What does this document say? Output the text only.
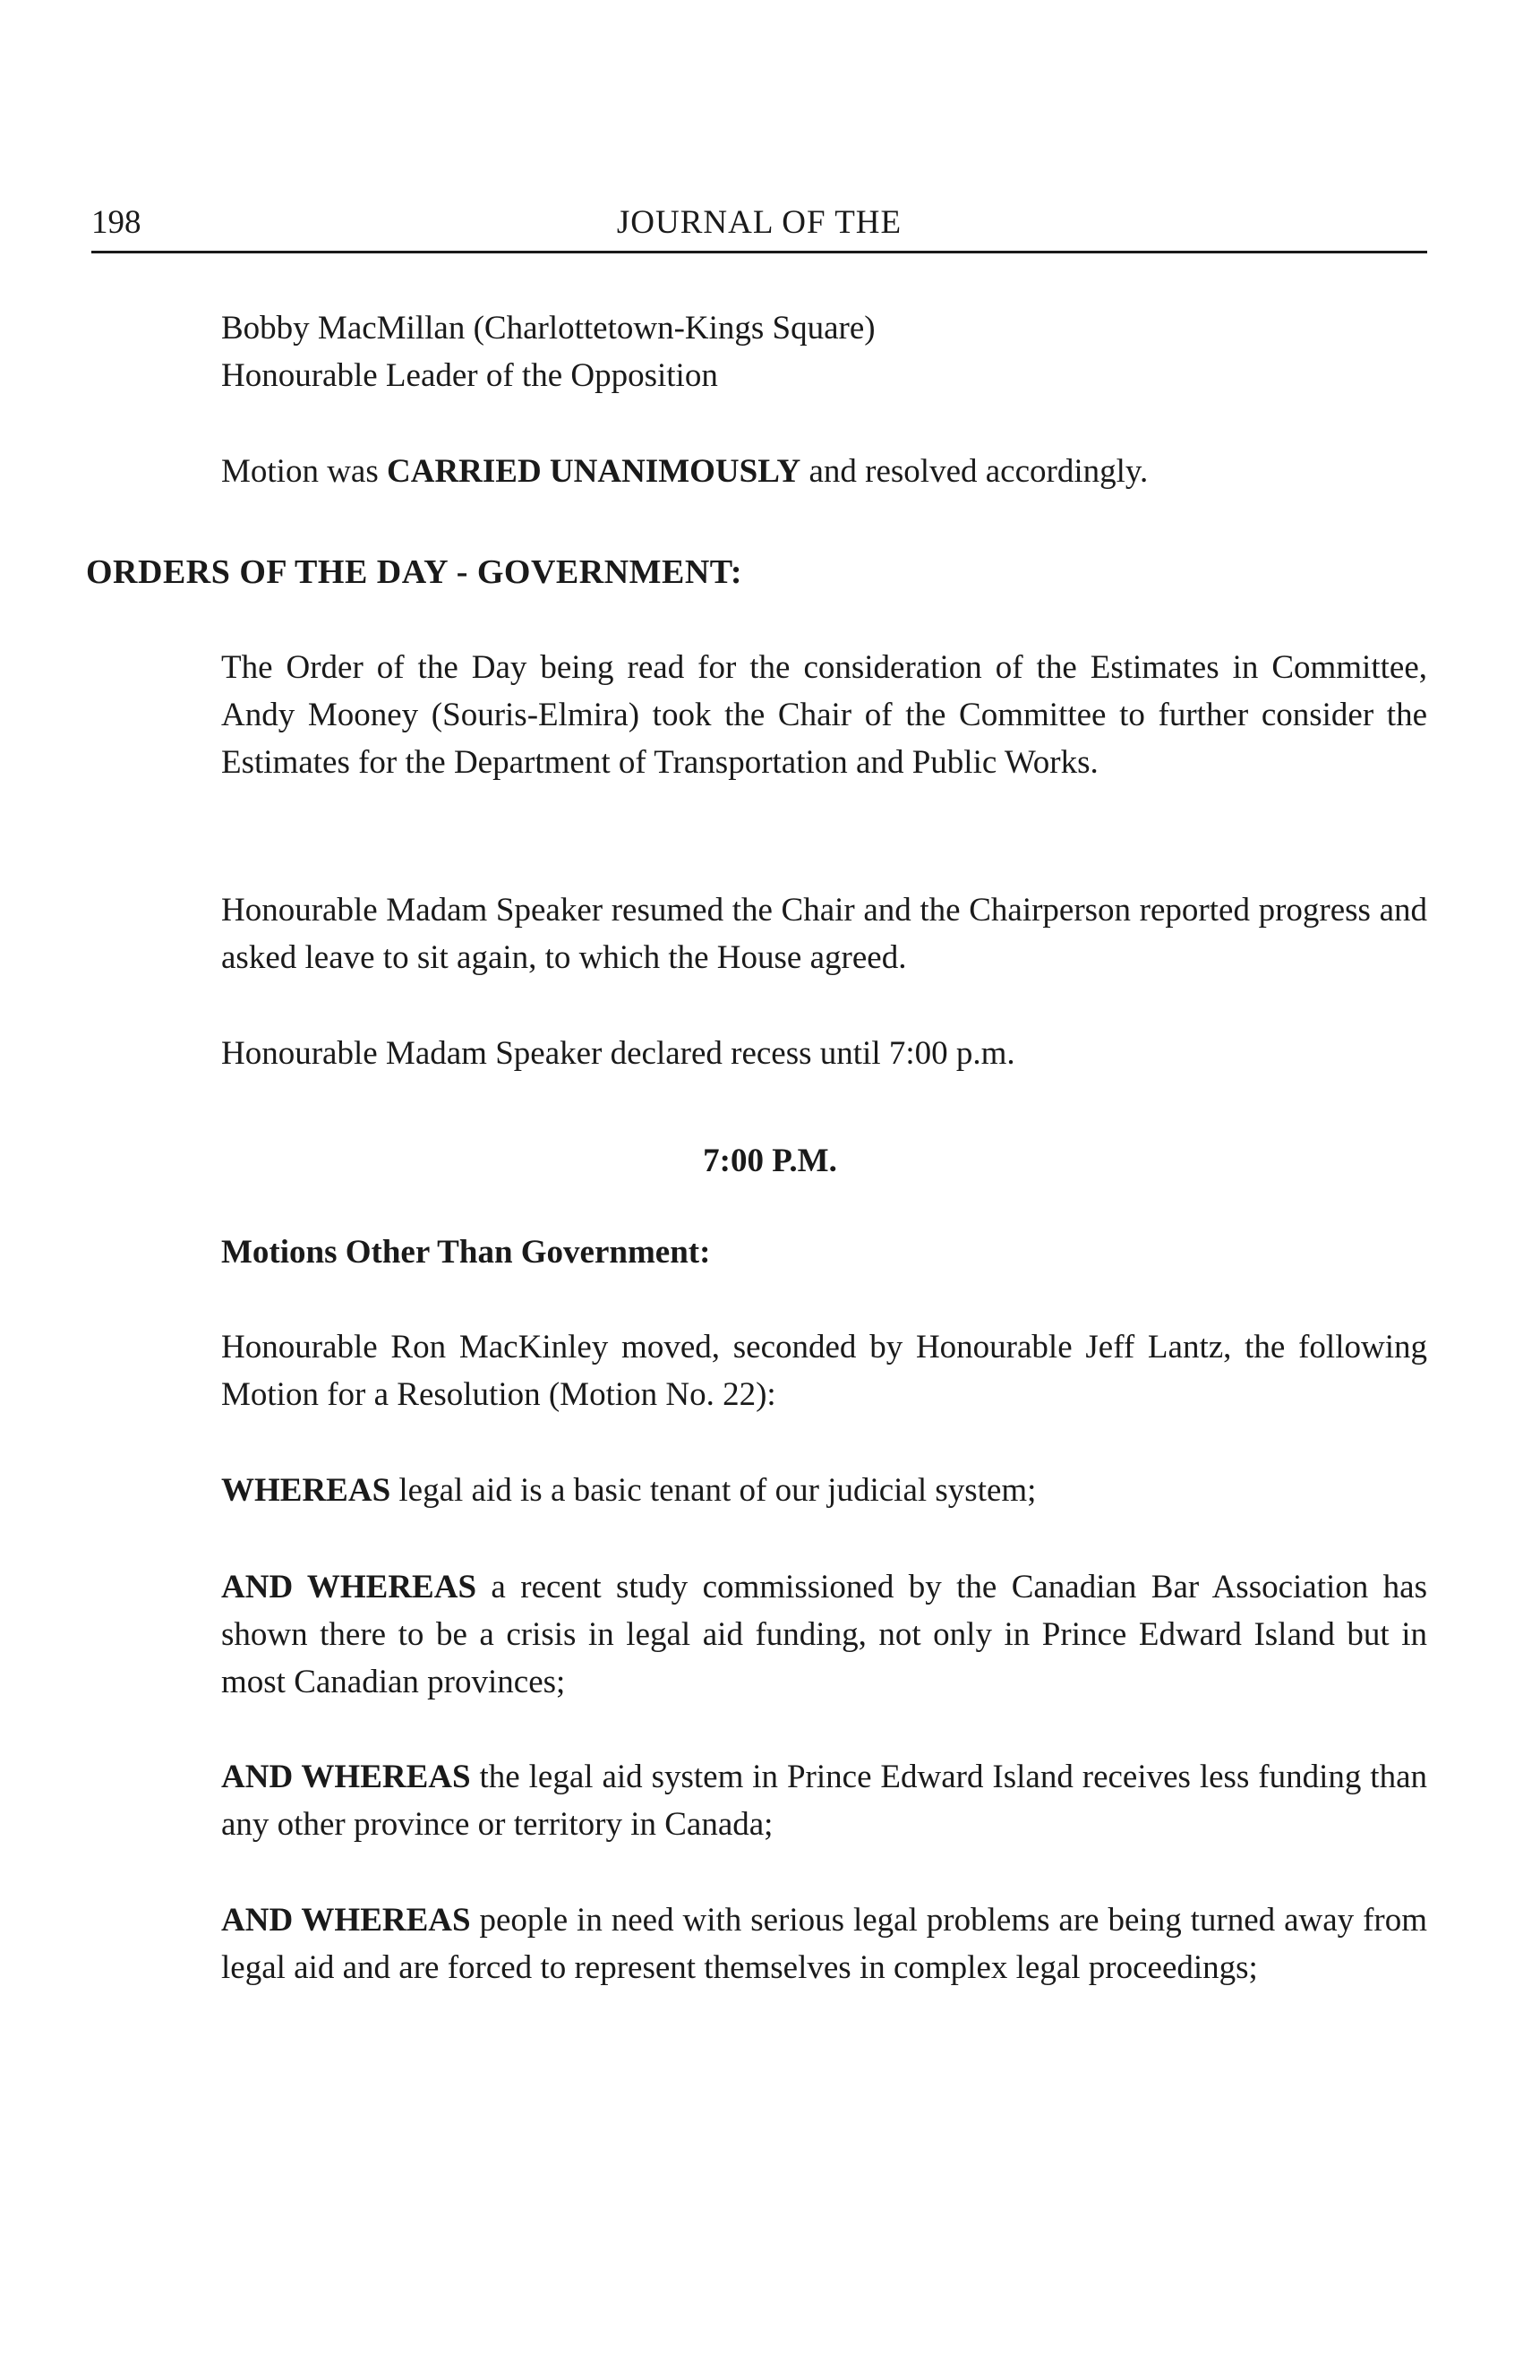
198	JOURNAL OF THE

Bobby MacMillan (Charlottetown-Kings Square)
Honourable Leader of the Opposition

Motion was CARRIED UNANIMOUSLY and resolved accordingly.

ORDERS OF THE DAY - GOVERNMENT:

The Order of the Day being read for the consideration of the Estimates in Committee, Andy Mooney (Souris-Elmira) took the Chair of the Committee to further consider the Estimates for the Department of Transportation and Public Works.

Honourable Madam Speaker resumed the Chair and the Chairperson reported progress and asked leave to sit again, to which the House agreed.

Honourable Madam Speaker declared recess until 7:00 p.m.

7:00 P.M.
Motions Other Than Government:

Honourable Ron MacKinley moved, seconded by Honourable Jeff Lantz, the following Motion for a Resolution (Motion No. 22):

WHEREAS legal aid is a basic tenant of our judicial system;

AND WHEREAS a recent study commissioned by the Canadian Bar Association has shown there to be a crisis in legal aid funding, not only in Prince Edward Island but in most Canadian provinces;

AND WHEREAS the legal aid system in Prince Edward Island receives less funding than any other province or territory in Canada;

AND WHEREAS people in need with serious legal problems are being turned away from legal aid and are forced to represent themselves in complex legal proceedings;
